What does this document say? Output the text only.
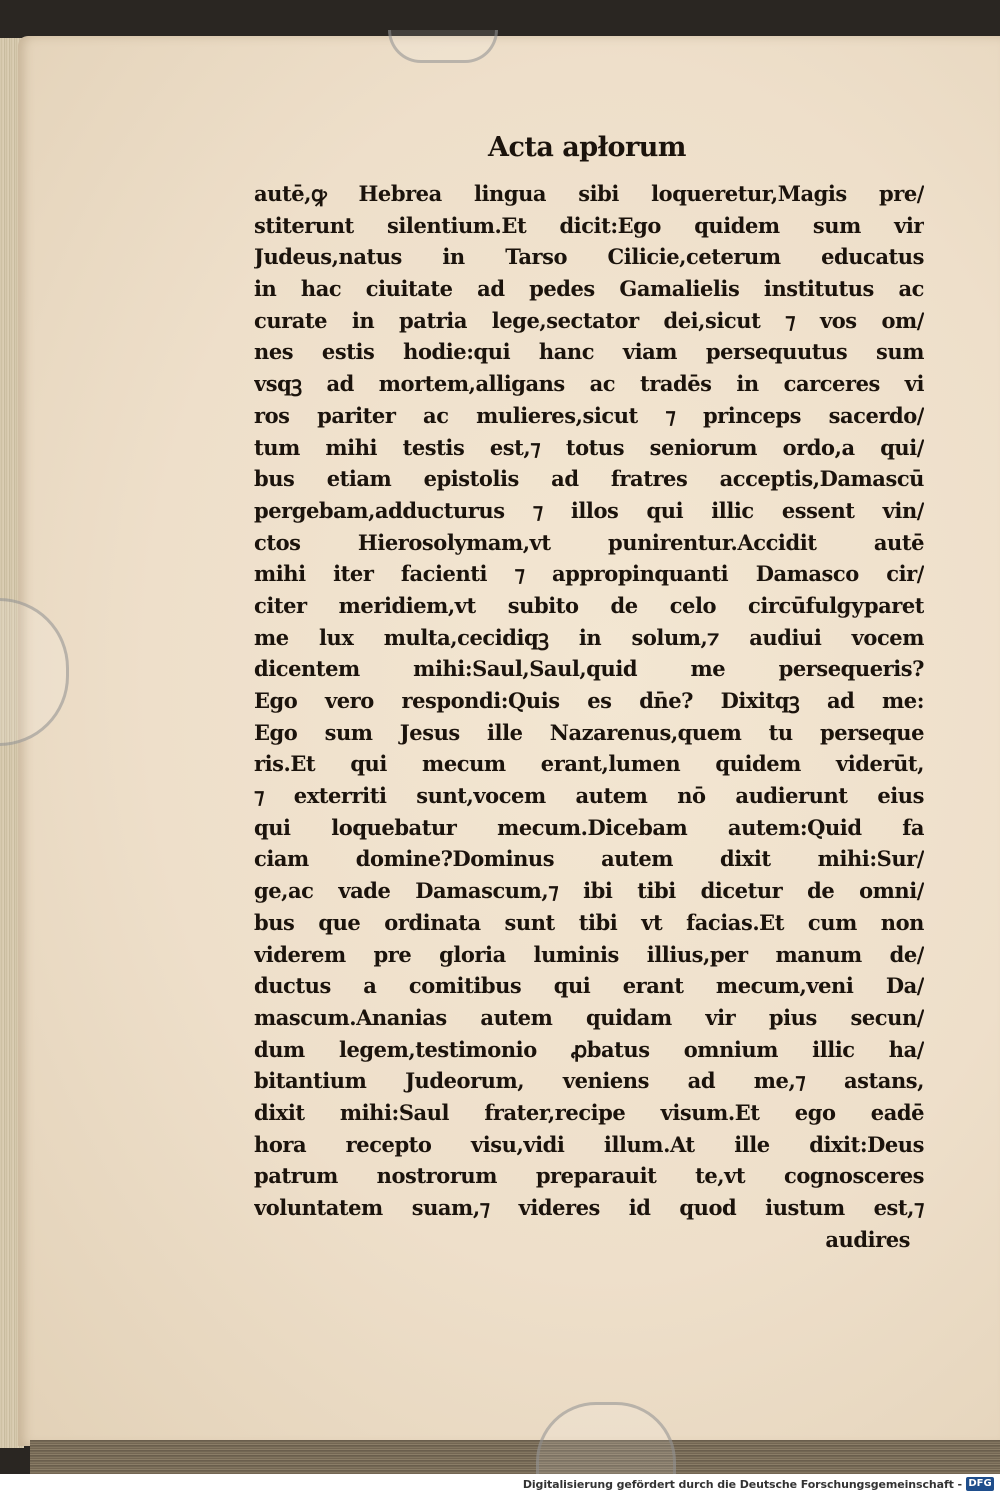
Acta apłorum
autē,ꝙ Hebrea lingua sibi loqueretur,Magis pre/
stiterunt silentium.Et dicit:Ego quidem sum vir
Judeus,natus in Tarso Cilicie,ceterum educatus
in hac ciuitate ad pedes Gamalielis institutus ac
curate in patria lege,sectator dei,sicut ⁊ vos om/
nes estis hodie:qui hanc viam persequutus sum
vsqꝫ ad mortem,alligans ac tradēs in carceres vi
ros pariter ac mulieres,sicut ⁊ princeps sacerdo/
tum mihi testis est,⁊ totus seniorum ordo,a qui/
bus etiam epistolis ad fratres acceptis,Damascū
pergebam,adducturus ⁊ illos qui illic essent vin/
ctos Hierosolymam,vt punirentur.Accidit autē
mihi iter facienti ⁊ appropinquanti Damasco cir/
citer meridiem,vt subito de celo circūfulgураret
me lux multa,cecidiqꝫ in solum,⁊ audiui vocem
dicentem mihi:Saul,Saul,quid me persequeris?
Ego vero respondi:Quis es dn̄e? Dixitqꝫ ad me:
Ego sum Jesus ille Nazarenus,quem tu perseque
ris.Et qui mecum erant,lumen quidem viderūt,
⁊ exterriti sunt,vocem autem nō audierunt eius
qui loquebatur mecum.Dicebam autem:Quid fa
ciam domine?Dominus autem dixit mihi:Sur/
ge,ac vade Damascum,⁊ ibi tibi dicetur de omni/
bus que ordinata sunt tibi vt facias.Et cum non
viderem pre gloria luminis illius,per manum de/
ductus a comitibus qui erant mecum,veni Da/
mascum.Ananias autem quidam vir pius secun/
dum legem,testimonio ꝓbatus omnium illic ha/
bitantium Judeorum, veniens ad me,⁊ astans,
dixit mihi:Saul frater,recipe visum.Et ego eadē
hora recepto visu,vidi illum.At ille dixit:Deus
patrum nostrorum preparauit te,vt cognosceres
voluntatem suam,⁊ videres id quod iustum est,⁊
audires
Digitalisierung gefördert durch die Deutsche Forschungsgemeinschaft - DFG
